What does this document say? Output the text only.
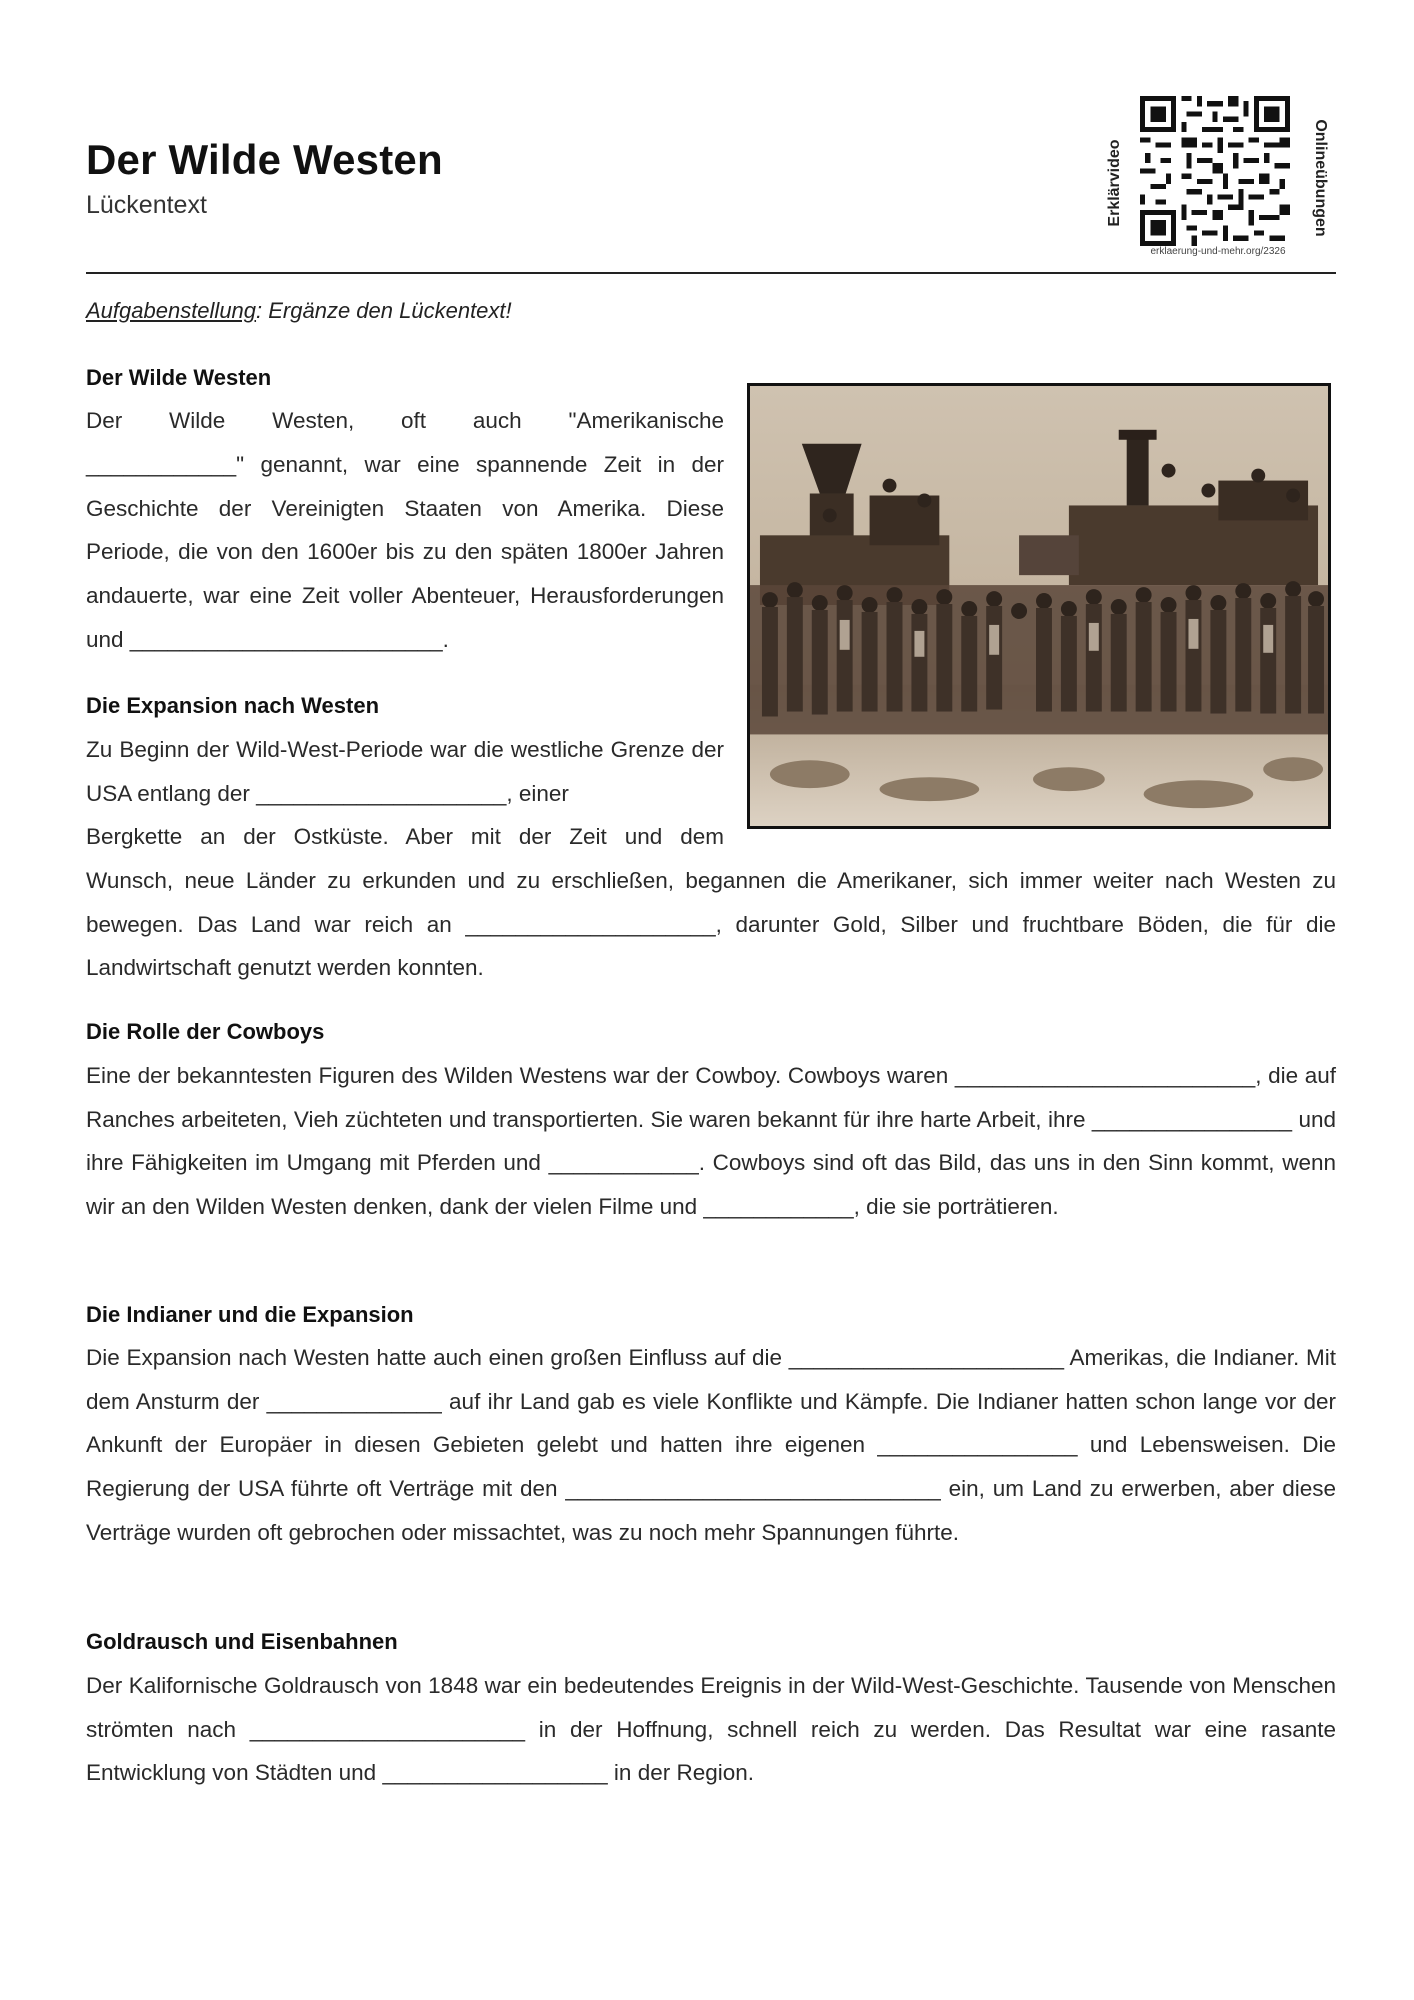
Der Wilde Westen
Lückentext	Erklärvideo	Onlineübungen
erklaerung-und-mehr.org/2326
Aufgabenstellung: Ergänze den Lückentext!
Der Wilde Westen
Der Wilde Westen, oft auch "Amerikanische
____________" genannt, war eine spannende Zeit in der Geschichte der Vereinigten Staaten von Amerika. Diese Periode, die von den 1600er bis zu den späten 1800er Jahren andauerte, war eine Zeit voller Abenteuer, Herausforderungen und _________________________.
Die Expansion nach Westen
Zu Beginn der Wild-West-Periode war die westliche Grenze der USA entlang der ____________________, einer
Bergkette an der Ostküste. Aber mit der Zeit und dem
Wunsch, neue Länder zu erkunden und zu erschließen, begannen die Amerikaner, sich immer weiter nach Westen zu bewegen. Das Land war reich an ____________________, darunter Gold, Silber und fruchtbare Böden, die für die Landwirtschaft genutzt werden konnten.
Die Rolle der Cowboys
Eine der bekanntesten Figuren des Wilden Westens war der Cowboy. Cowboys waren ________________________, die auf Ranches arbeiteten, Vieh züchteten und transportierten. Sie waren bekannt für ihre harte Arbeit, ihre ________________ und ihre Fähigkeiten im Umgang mit Pferden und ____________. Cowboys sind oft das Bild, das uns in den Sinn kommt, wenn wir an den Wilden Westen denken, dank der vielen Filme und ____________, die sie porträtieren.
Die Indianer und die Expansion
Die Expansion nach Westen hatte auch einen großen Einfluss auf die ______________________ Amerikas, die Indianer. Mit dem Ansturm der ______________ auf ihr Land gab es viele Konflikte und Kämpfe. Die Indianer hatten schon lange vor der Ankunft der Europäer in diesen Gebieten gelebt und hatten ihre eigenen ________________ und Lebensweisen. Die Regierung der USA führte oft Verträge mit den ______________________________ ein, um Land zu erwerben, aber diese Verträge wurden oft gebrochen oder missachtet, was zu noch mehr Spannungen führte.
Goldrausch und Eisenbahnen
Der Kalifornische Goldrausch von 1848 war ein bedeutendes Ereignis in der Wild-West-Geschichte. Tausende von Menschen strömten nach ______________________ in der Hoffnung, schnell reich zu werden. Das Resultat war eine rasante Entwicklung von Städten und __________________ in der Region.
